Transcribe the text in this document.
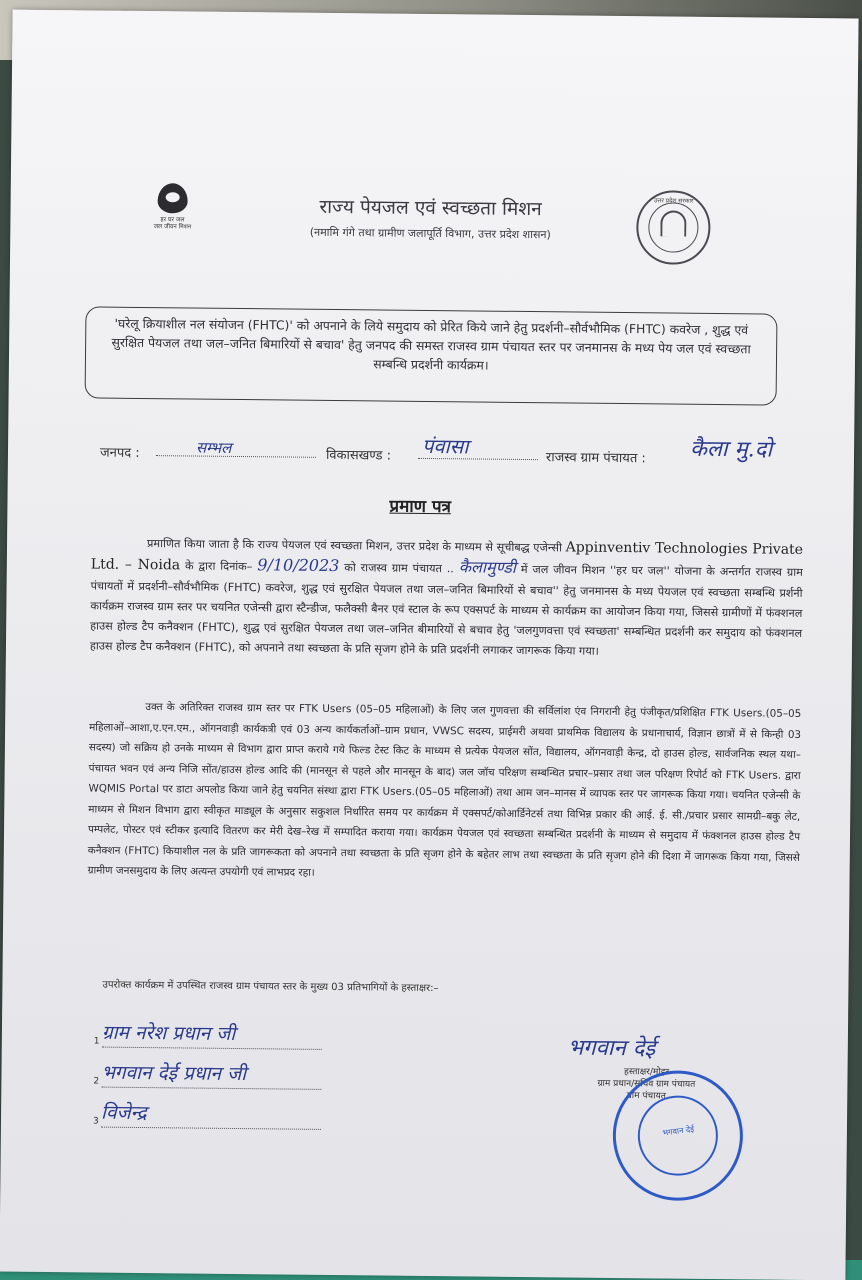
हर घर जल
जल जीवन मिशन
राज्य पेयजल एवं स्वच्छता मिशन
(नमामि गंगे तथा ग्रामीण जलापूर्ति विभाग, उत्तर प्रदेश शासन)
उत्तर प्रदेश सरकार
'घरेलू क्रियाशील नल संयोजन (FHTC)' को अपनाने के लिये समुदाय को प्रेरित किये जाने हेतु प्रदर्शनी–सौर्वभौमिक (FHTC) कवरेज , शुद्ध एवं सुरक्षित पेयजल तथा जल–जनित बिमारियों से बचाव' हेतु जनपद की समस्त राजस्व ग्राम पंचायत स्तर पर जनमानस के मध्य पेय जल एवं स्वच्छता सम्बन्धि प्रदर्शनी कार्यक्रम।
जनपद :	सम्भल	विकासखण्ड : पंवासा	राजस्व ग्राम पंचायत : कैला मु.दो
प्रमाण पत्र
प्रमाणित किया जाता है कि राज्य पेयजल एवं स्वच्छता मिशन, उत्तर प्रदेश के माध्यम से सूचीबद्ध एजेन्सी Appinventiv Technologies Private Ltd. – Noida के द्वारा दिनांक– 9/10/2023 को राजस्व ग्राम पंचायत .. कैलामुण्डी में जल जीवन मिशन ''हर घर जल'' योजना के अन्तर्गत राजस्व ग्राम पंचायतों में प्रदर्शनी–सौर्वभौमिक (FHTC) कवरेज, शुद्ध एवं सुरक्षित पेयजल तथा जल–जनित बिमारियों से बचाव'' हेतु जनमानस के मध्य पेयजल एवं स्वच्छता सम्बन्धि प्रर्शनी कार्यक्रम राजस्व ग्राम स्तर पर चयनित एजेन्सी द्वारा स्टैन्डीज, फलैक्सी बैनर एवं स्टाल के रूप एक्सपर्ट के माध्यम से कार्यक्रम का आयोजन किया गया, जिससे ग्रामीणों में फंक्शनल हाउस होल्ड टैप कनैक्शन (FHTC), शुद्ध एवं सुरक्षित पेयजल तथा जल–जनित बीमारियों से बचाव हेतु 'जलगुणवत्ता एवं स्वच्छता' सम्बन्धित प्रदर्शनी कर समुदाय को फंक्शनल हाउस होल्ड टैप कनैक्शन (FHTC), को अपनाने तथा स्वच्छता के प्रति सृजग होने के प्रति प्रदर्शनी लगाकर जागरूक किया गया।
उक्त के अतिरिक्त राजस्व ग्राम स्तर पर FTK Users (05–05 महिलाओं) के लिए जल गुणवत्ता की सर्विलांश एंव निगरानी हेतु पंजीकृत/प्रशिक्षित FTK Users.(05–05 महिलाओं–आशा,ए.एन.एम., ऑगनवाड़ी कार्यकत्री एवं 03 अन्य कार्यकर्ताओं–ग्राम प्रधान, VWSC सदस्य, प्राईमरी अथवा प्राथमिक विद्यालय के प्रधानाचार्य, विज्ञान छात्रों में से किन्ही 03 सदस्य) जो सक्रिय हो उनके माध्यम से विभाग द्वारा प्राप्त कराये गये फिल्ड टेस्ट किट के माध्यम से प्रत्येक पेयजल सोंत, विद्यालय, ऑगनवाड़ी केन्द्र, दो हाउस होल्ड, सार्वजनिक स्थल यथा–पंचायत भवन एवं अन्य निजि सोंत/हाउस होल्ड आदि की (मानसून से पहले और मानसून के बाद) जल जॉच परिक्षण सम्बन्धित प्रचार–प्रसार तथा जल परिक्षण रिपोर्ट को FTK Users. द्वारा WQMIS Portal पर डाटा अपलोड किया जाने हेतु चयनित संस्था द्वारा FTK Users.(05–05 महिलाओं) तथा आम जन–मानस में व्यापक स्तर पर जागरूक किया गया। चयनित एजेन्सी के माध्यम से मिशन विभाग द्वारा स्वीकृत माड्यूल के अनुसार सकुशल निर्धारित समय पर कार्यक्रम में एक्सपर्ट/कोआर्डिनेटर्स तथा विभिन्न प्रकार की आई. ई. सी./प्रचार प्रसार सामग्री–बकु लेट, पम्पलेट, पोस्टर एवं स्टीकर इत्यादि वितरण कर मेरी देख–रेख में सम्पादित कराया गया। कार्यक्रम पेयजल एवं स्वच्छता सम्बन्धित प्रदर्शनी के माध्यम से समुदाय में फंक्शनल हाउस होल्ड टैप कनैक्शन (FHTC) कियाशील नल के प्रति जागरूकता को अपनाने तथा स्वच्छता के प्रति सृजग होने के बहेतर लाभ तथा स्वच्छता के प्रति सृजग होने की दिशा में जागरूक किया गया, जिससे ग्रामीण जनसमुदाय के लिए अत्यन्त उपयोगी एवं लाभप्रद रहा।
उपरोक्त कार्यक्रम में उपस्थित राजस्व ग्राम पंचायत स्तर के मुख्य 03 प्रतिभागियों के हस्ताक्षर:–
1 ग्राम नरेश प्रधान जी
2 भगवान देई प्रधान जी
3 विजेन्द्र
भगवान देई
हस्ताक्षर/मोहर
ग्राम प्रधान/सचिव ग्राम पंचायत
ग्राम पंचायत
भगवान देई
